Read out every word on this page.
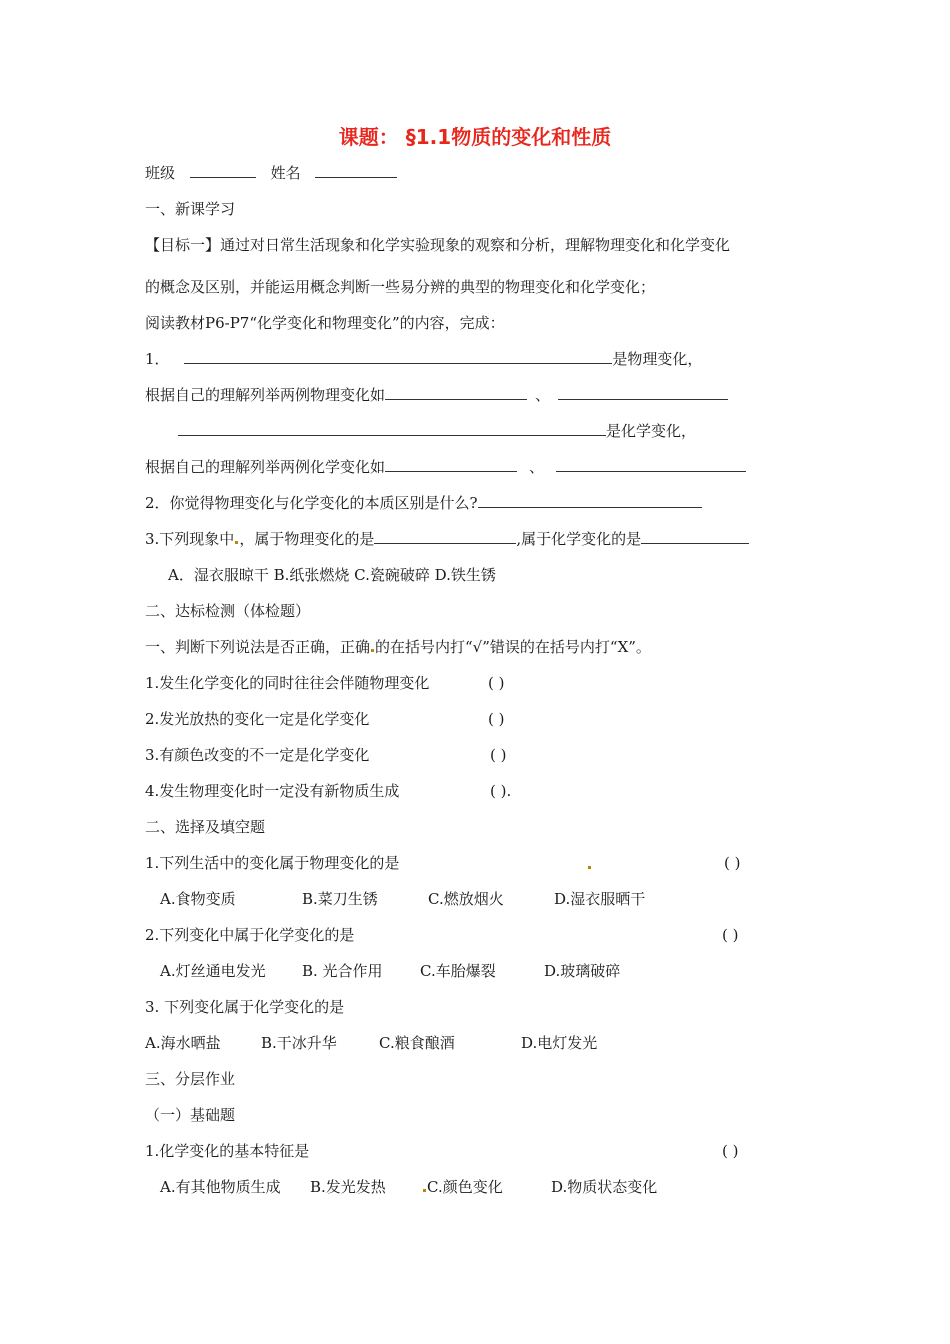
课题： §1.1物质的变化和性质
班级	姓名
一、新课学习
【目标一】通过对日常生活现象和化学实验现象的观察和分析，理解物理变化和化学变化
的概念及区别，并能运用概念判断一些易分辨的典型的物理变化和化学变化；
阅读教材P6-P7“化学变化和物理变化”的内容，完成：
1．	是物理变化，
根据自己的理解列举两例物理变化如	、
是化学变化，
根据自己的理解列举两例化学变化如	、
2．你觉得物理变化与化学变化的本质区别是什么?
3.下列现象中 ，属于物理变化的是	,属于化学变化的是
A．湿衣服晾干 B.纸张燃烧 C.瓷碗破碎 D.铁生锈
二、达标检测（体检题）
一、判断下列说法是否正确，正确 的在括号内打“√”错误的在括号内打“X”。
1.发生化学变化的同时往往会伴随物理变化	( )
2.发光放热的变化一定是化学变化	( )
3.有颜色改变的不一定是化学变化	( )
4.发生物理变化时一定没有新物质生成	( ).
二、选择及填空题
1.下列生活中的变化属于物理变化的是	( )
A.食物变质	B.菜刀生锈	C.燃放烟火	D.湿衣服晒干
2.下列变化中属于化学变化的是	( )
A.灯丝通电发光 B. 光合作用 C.车胎爆裂	D.玻璃破碎
3. 下列变化属于化学变化的是
A.海水晒盐	B.干冰升华	C.粮食酿酒	D.电灯发光
三、分层作业
（一）基础题
1.化学变化的基本特征是	( )
A.有其他物质生成 B.发光发热	C.颜色变化	D.物质状态变化
